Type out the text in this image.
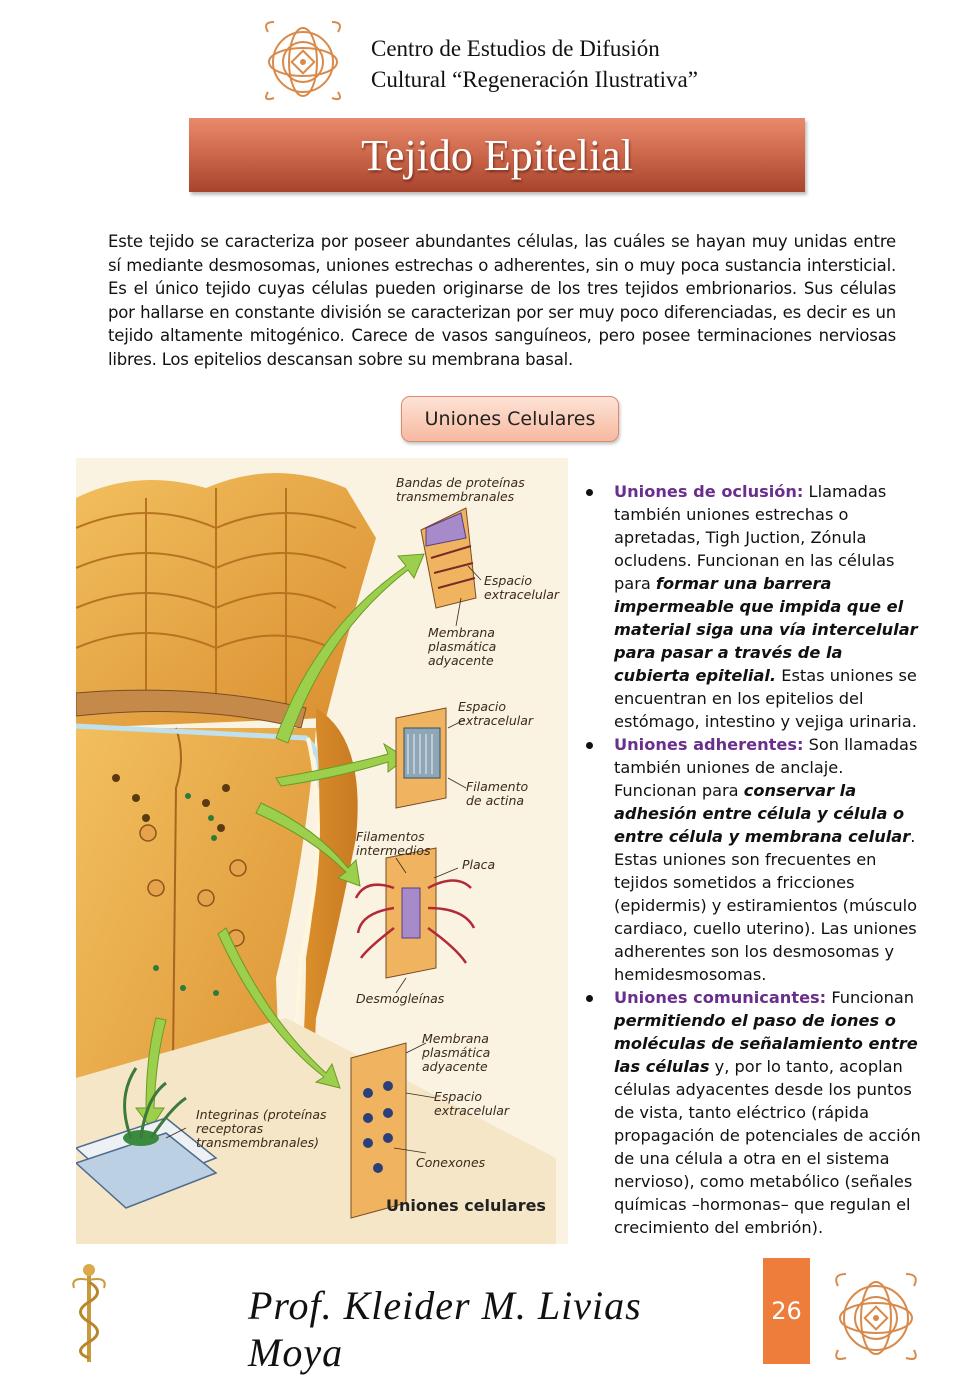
Centro de Estudios de Difusión
Cultural “Regeneración Ilustrativa”
Tejido Epitelial
Este tejido se caracteriza por poseer abundantes células, las cuáles se hayan muy unidas entre sí mediante desmosomas, uniones estrechas o adherentes, sin o muy poca sustancia intersticial. Es el único tejido cuyas células pueden originarse de los tres tejidos embrionarios. Sus células por hallarse en constante división se caracterizan por ser muy poco diferenciadas, es decir es un tejido altamente mitogénico. Carece de vasos sanguíneos, pero posee terminaciones nerviosas libres. Los epitelios descansan sobre su membrana basal.
Uniones Celulares
Bandas de proteínas transmembranales
Espacio extracelular
Membrana plasmática adyacente
Espacio extracelular
Filamento de actina
Filamentos intermedios
Placa
Desmogleínas
Membrana plasmática adyacente
Espacio extracelular
Integrinas (proteínas receptoras transmembranales)
Conexones
Uniones celulares
Uniones de oclusión: Llamadas también uniones estrechas o apretadas, Tigh Juction, Zónula ocludens. Funcionan en las células para formar una barrera impermeable que impida que el material siga una vía intercelular para pasar a través de la cubierta epitelial. Estas uniones se encuentran en los epitelios del estómago, intestino y vejiga urinaria.
Uniones adherentes: Son llamadas también uniones de anclaje. Funcionan para conservar la adhesión entre célula y célula o entre célula y membrana celular. Estas uniones son frecuentes en tejidos sometidos a fricciones (epidermis) y estiramientos (músculo cardiaco, cuello uterino). Las uniones adherentes son los desmosomas y hemidesmosomas.
Uniones comunicantes: Funcionan permitiendo el paso de iones o moléculas de señalamiento entre las células y, por lo tanto, acoplan células adyacentes desde los puntos de vista, tanto eléctrico (rápida propagación de potenciales de acción de una célula a otra en el sistema nervioso), como metabólico (señales químicas –hormonas– que regulan el crecimiento del embrión).
Prof. Kleider M. Livias Moya
26
